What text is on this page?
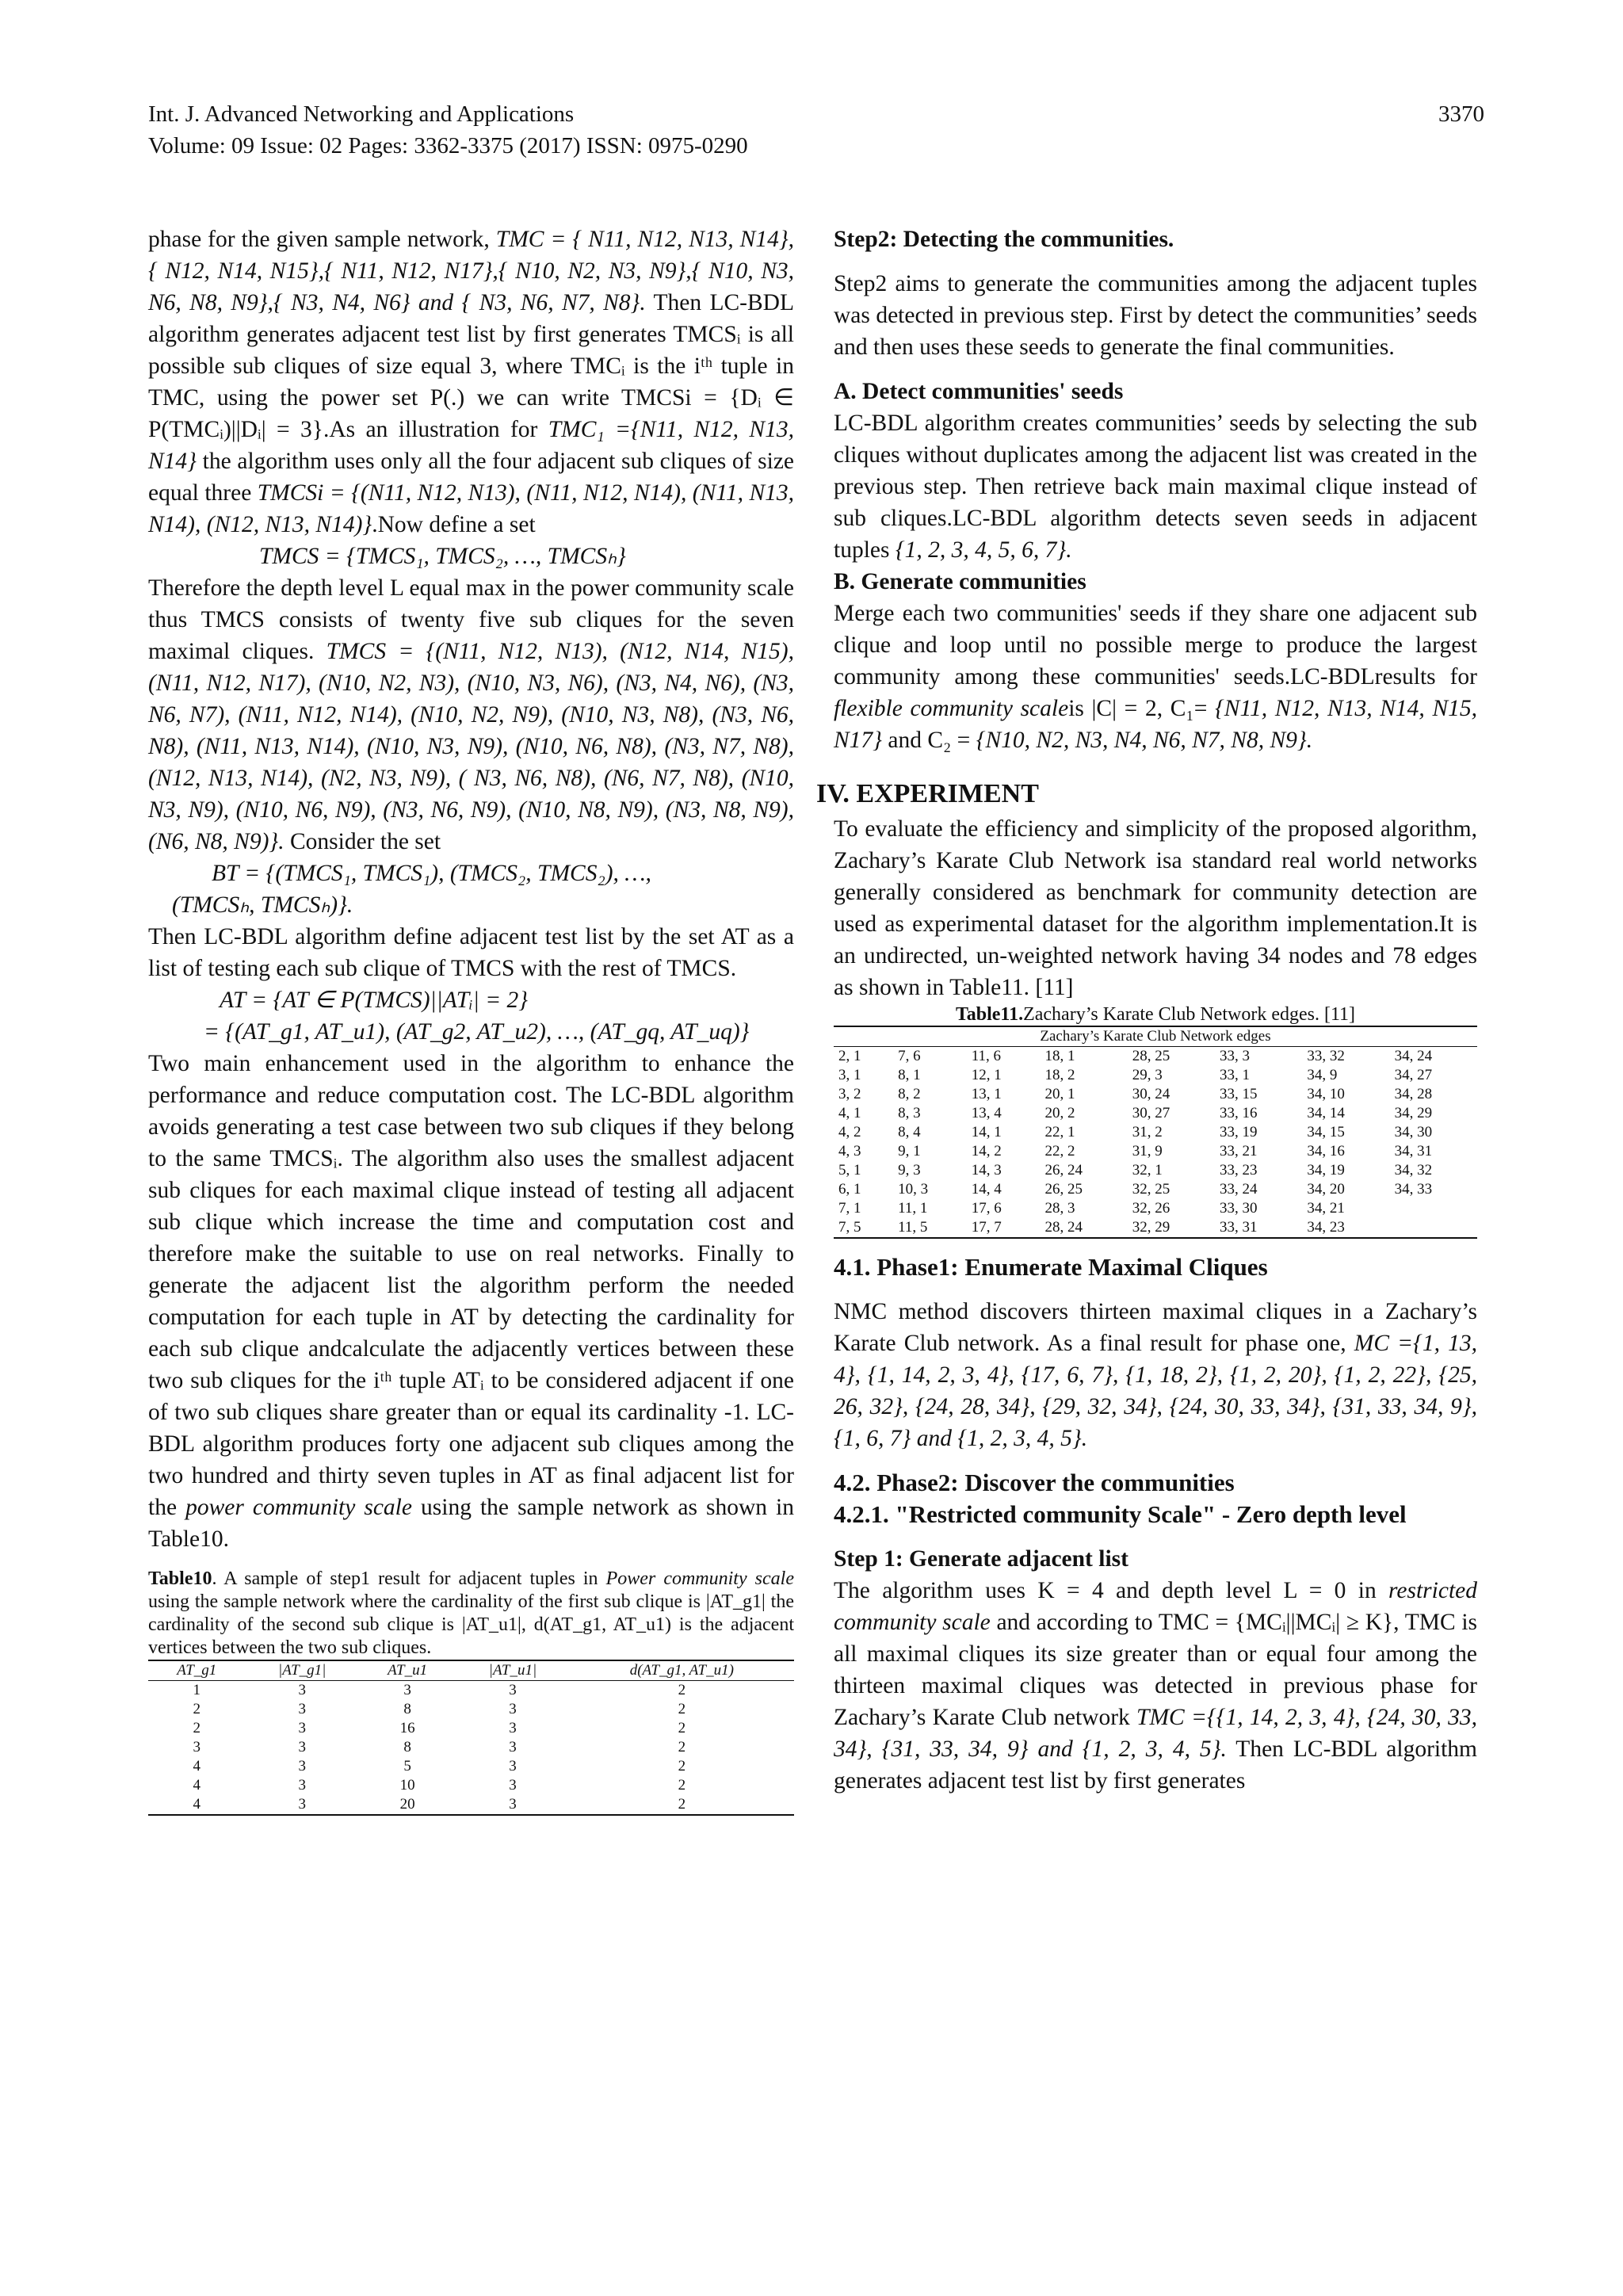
Int. J. Advanced Networking and Applications
Volume: 09 Issue: 02 Pages: 3362-3375 (2017) ISSN: 0975-0290
3370

phase for the given sample network, TMC = { N11, N12, N13, N14},{ N12, N14, N15},{ N11, N12, N17},{ N10, N2, N3, N9},{ N10, N3, N6, N8, N9},{ N3, N4, N6} and { N3, N6, N7, N8}. Then LC-BDL algorithm generates adjacent test list by first generates TMCSᵢ is all possible sub cliques of size equal 3, where TMCᵢ is the iᵗʰ tuple in TMC, using the power set P(.) we can write TMCSi = {Dᵢ ∈ P(TMCᵢ)||Dᵢ| = 3}.As an illustration for TMC₁ ={N11, N12, N13, N14} the algorithm uses only all the four adjacent sub cliques of size equal three TMCSi = {(N11, N12, N13), (N11, N12, N14), (N11, N13, N14), (N12, N13, N14)}.Now define a set

TMCS = {TMCS₁, TMCS₂, …, TMCSₕ}

Therefore the depth level L equal max in the power community scale thus TMCS consists of twenty five sub cliques for the seven maximal cliques. TMCS = {(N11, N12, N13), (N12, N14, N15), (N11, N12, N17), (N10, N2, N3), (N10, N3, N6), (N3, N4, N6), (N3, N6, N7), (N11, N12, N14), (N10, N2, N9), (N10, N3, N8), (N3, N6, N8), (N11, N13, N14), (N10, N3, N9), (N10, N6, N8), (N3, N7, N8), (N12, N13, N14), (N2, N3, N9), ( N3, N6, N8), (N6, N7, N8), (N10, N3, N9), (N10, N6, N9), (N3, N6, N9), (N10, N8, N9), (N3, N8, N9), (N6, N8, N9)}. Consider the set

BT = {(TMCS₁, TMCS₁), (TMCS₂, TMCS₂), …,

(TMCSₕ, TMCSₕ)}.

Then LC-BDL algorithm define adjacent test list by the set AT as a list of testing each sub clique of TMCS with the rest of TMCS.

AT = {AT ∈ P(TMCS)||ATᵢ| = 2}

= {(AT_g1, AT_u1), (AT_g2, AT_u2), …, (AT_gq, AT_uq)}

Two main enhancement used in the algorithm to enhance the performance and reduce computation cost. The LC-BDL algorithm avoids generating a test case between two sub cliques if they belong to the same TMCSᵢ. The algorithm also uses the smallest adjacent sub cliques for each maximal clique instead of testing all adjacent sub clique which increase the time and computation cost and therefore make the suitable to use on real networks. Finally to generate the adjacent list the algorithm perform the needed computation for each tuple in AT by detecting the cardinality for each sub clique andcalculate the adjacently vertices between these two sub cliques for the iᵗʰ tuple ATᵢ to be considered adjacent if one of two sub cliques share greater than or equal its cardinality -1. LC-BDL algorithm produces forty one adjacent sub cliques among the two hundred and thirty seven tuples in AT as final adjacent list for the power community scale using the sample network as shown in Table10.

Table10. A sample of step1 result for adjacent tuples in Power community scale using the sample network where the cardinality of the first sub clique is |AT_g1| the cardinality of the second sub clique is |AT_u1|, d(AT_g1, AT_u1) is the adjacent vertices between the two sub cliques.

AT_g1	|AT_g1|	AT_u1	|AT_u1|	d(AT_g1, AT_u1)
1	3	3	3	2
2	3	8	3	2
2	3	16	3	2
3	3	8	3	2
4	3	5	3	2
4	3	10	3	2
4	3	20	3	2

Step2: Detecting the communities.

Step2 aims to generate the communities among the adjacent tuples was detected in previous step. First by detect the communities’ seeds and then uses these seeds to generate the final communities.

A. Detect communities' seeds

LC-BDL algorithm creates communities’ seeds by selecting the sub cliques without duplicates among the adjacent list was created in the previous step. Then retrieve back main maximal clique instead of sub cliques.LC-BDL algorithm detects seven seeds in adjacent tuples {1, 2, 3, 4, 5, 6, 7}.

B. Generate communities

Merge each two communities' seeds if they share one adjacent sub clique and loop until no possible merge to produce the largest community among these communities' seeds.LC-BDLresults for flexible community scaleis |C| = 2, C₁= {N11, N12, N13, N14, N15, N17} and C₂ = {N10, N2, N3, N4, N6, N7, N8, N9}.

IV. EXPERIMENT

To evaluate the efficiency and simplicity of the proposed algorithm, Zachary’s Karate Club Network isa standard real world networks generally considered as benchmark for community detection are used as experimental dataset for the algorithm implementation.It is an undirected, un-weighted network having 34 nodes and 78 edges as shown in Table11. [11]

Table11.Zachary’s Karate Club Network edges. [11]

Zachary’s Karate Club Network edges							
2, 1	7, 6	11, 6	18, 1	28, 25	33, 3	33, 32	34, 24
3, 1	8, 1	12, 1	18, 2	29, 3	33, 1	34, 9	34, 27
3, 2	8, 2	13, 1	20, 1	30, 24	33, 15	34, 10	34, 28
4, 1	8, 3	13, 4	20, 2	30, 27	33, 16	34, 14	34, 29
4, 2	8, 4	14, 1	22, 1	31, 2	33, 19	34, 15	34, 30
4, 3	9, 1	14, 2	22, 2	31, 9	33, 21	34, 16	34, 31
5, 1	9, 3	14, 3	26, 24	32, 1	33, 23	34, 19	34, 32
6, 1	10, 3	14, 4	26, 25	32, 25	33, 24	34, 20	34, 33
7, 1	11, 1	17, 6	28, 3	32, 26	33, 30	34, 21	
7, 5	11, 5	17, 7	28, 24	32, 29	33, 31	34, 23	

4.1. Phase1: Enumerate Maximal Cliques

NMC method discovers thirteen maximal cliques in a Zachary’s Karate Club network. As a final result for phase one, MC ={1, 13, 4}, {1, 14, 2, 3, 4}, {17, 6, 7}, {1, 18, 2}, {1, 2, 20}, {1, 2, 22}, {25, 26, 32}, {24, 28, 34}, {29, 32, 34}, {24, 30, 33, 34}, {31, 33, 34, 9}, {1, 6, 7} and {1, 2, 3, 4, 5}.

4.2. Phase2: Discover the communities

4.2.1. "Restricted community Scale" - Zero depth level

Step 1: Generate adjacent list

The algorithm uses K = 4 and depth level L = 0 in restricted community scale and according to TMC = {MCᵢ||MCᵢ| ≥ K}, TMC is all maximal cliques its size greater than or equal four among the thirteen maximal cliques was detected in previous phase for Zachary’s Karate Club network TMC ={{1, 14, 2, 3, 4}, {24, 30, 33, 34}, {31, 33, 34, 9} and {1, 2, 3, 4, 5}. Then LC-BDL algorithm generates adjacent test list by first generates
